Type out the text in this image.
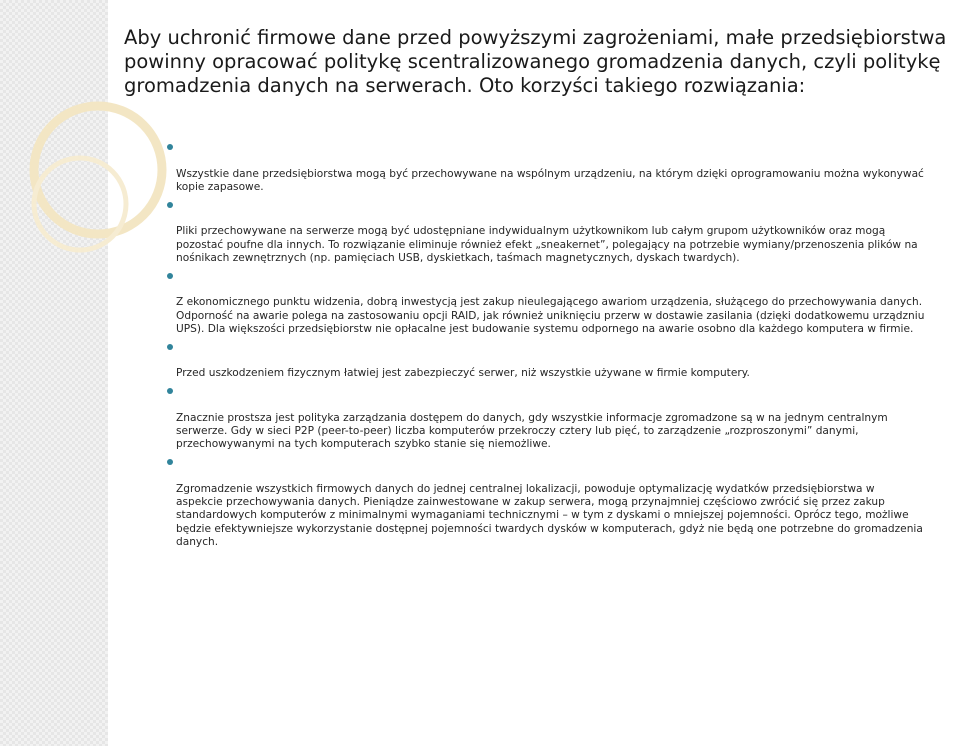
Aby uchronić firmowe dane przed powyższymi zagrożeniami, małe przedsiębiorstwa powinny opracować politykę scentralizowanego gromadzenia danych, czyli politykę gromadzenia danych na serwerach. Oto korzyści takiego rozwiązania:

Wszystkie dane przedsiębiorstwa mogą być przechowywane na wspólnym urządzeniu, na którym dzięki oprogramowaniu można wykonywać
kopie zapasowe.

Pliki przechowywane na serwerze mogą być udostępniane indywidualnym użytkownikom lub całym grupom użytkowników oraz mogą
pozostać poufne dla innych. To rozwiązanie eliminuje również efekt „sneakernet”, polegający na potrzebie wymiany/przenoszenia plików na
nośnikach zewnętrznych (np. pamięciach USB, dyskietkach, taśmach magnetycznych, dyskach twardych).

Z ekonomicznego punktu widzenia, dobrą inwestycją jest zakup nieulegającego awariom urządzenia, służącego do przechowywania danych.
Odporność na awarie polega na zastosowaniu opcji RAID, jak również uniknięciu przerw w dostawie zasilania (dzięki dodatkowemu urządzniu
UPS). Dla większości przedsiębiorstw nie opłacalne jest budowanie systemu odpornego na awarie osobno dla każdego komputera w firmie.

Przed uszkodzeniem fizycznym łatwiej jest zabezpieczyć serwer, niż wszystkie używane w firmie komputery.

Znacznie prostsza jest polityka zarządzania dostępem do danych, gdy wszystkie informacje zgromadzone są w na jednym centralnym
serwerze. Gdy w sieci P2P (peer-to-peer) liczba komputerów przekroczy cztery lub pięć, to zarządzenie „rozproszonymi” danymi,
przechowywanymi na tych komputerach szybko stanie się niemożliwe.

Zgromadzenie wszystkich firmowych danych do jednej centralnej lokalizacji, powoduje optymalizację wydatków przedsiębiorstwa w
aspekcie przechowywania danych. Pieniądze zainwestowane w zakup serwera, mogą przynajmniej częściowo zwrócić się przez zakup
standardowych komputerów z minimalnymi wymaganiami technicznymi – w tym z dyskami o mniejszej pojemności. Oprócz tego, możliwe
będzie efektywniejsze wykorzystanie dostępnej pojemności twardych dysków w komputerach, gdyż nie będą one potrzebne do gromadzenia
danych.
